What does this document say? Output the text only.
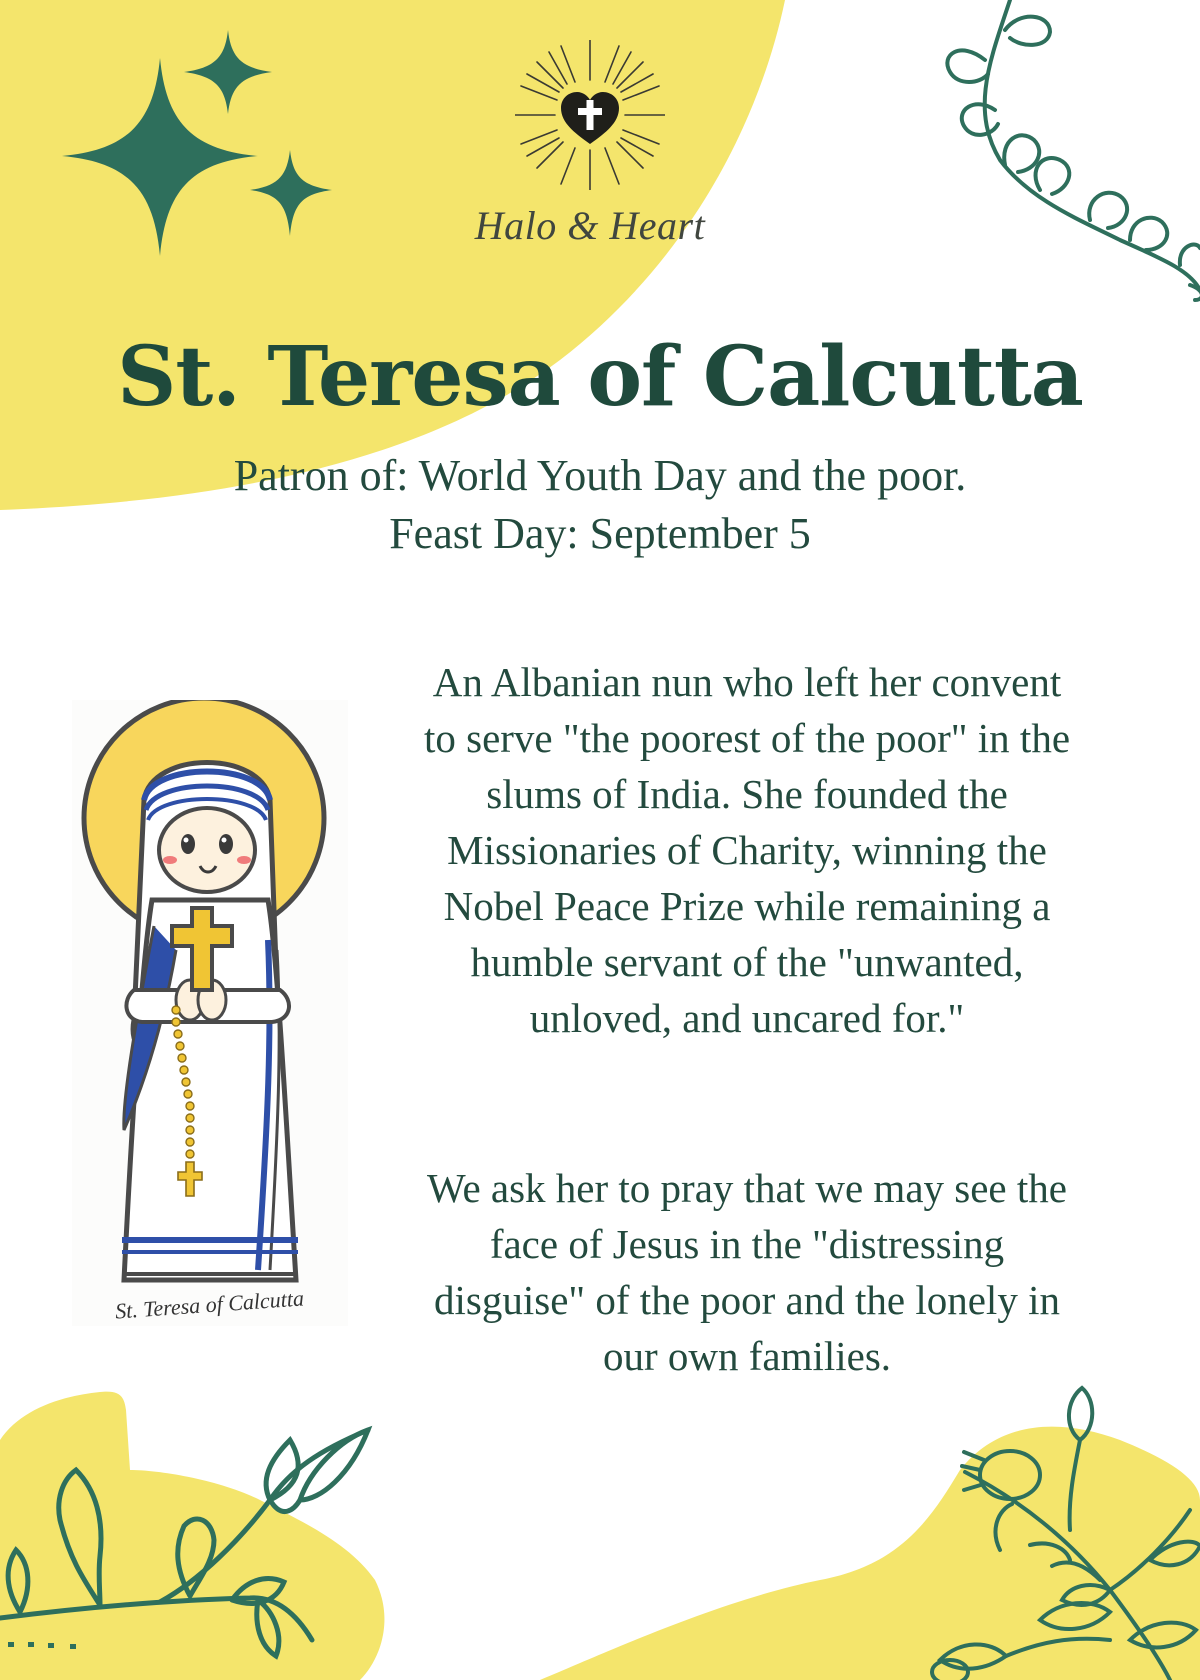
Halo & Heart
St. Teresa of Calcutta

Patron of: World Youth Day and the poor.

Feast Day: September 5

St. Teresa of Calcutta

An Albanian nun who left her convent to serve "the poorest of the poor" in the slums of India. She founded the Missionaries of Charity, winning the Nobel Peace Prize while remaining a humble servant of the "unwanted, unloved, and uncared for."

We ask her to pray that we may see the face of Jesus in the "distressing disguise" of the poor and the lonely in our own families.
